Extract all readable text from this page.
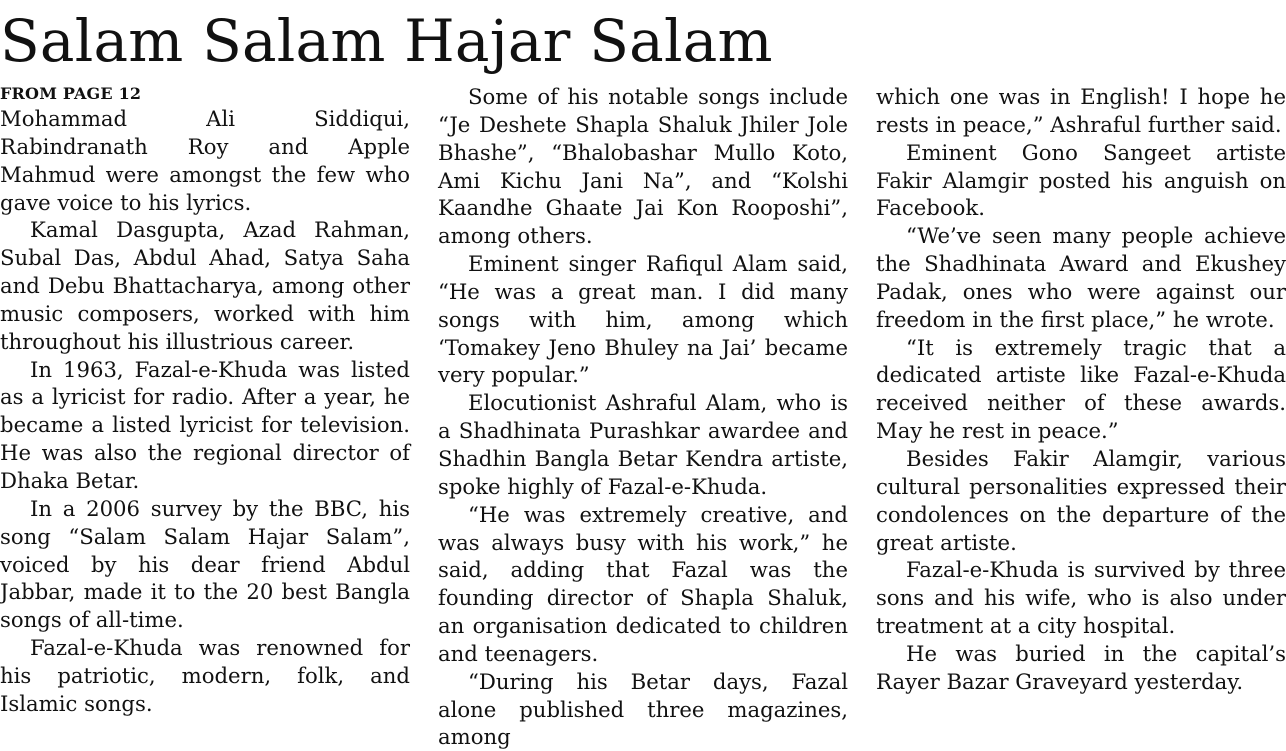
Salam Salam Hajar Salam

FROM PAGE 12

Mohammad Ali Siddiqui, Rabindranath Roy and Apple Mahmud were amongst the few who gave voice to his lyrics.

Kamal Dasgupta, Azad Rahman, Subal Das, Abdul Ahad, Satya Saha and Debu Bhattacharya, among other music composers, worked with him throughout his illustrious career.

In 1963, Fazal-e-Khuda was listed as a lyricist for radio. After a year, he became a listed lyricist for television. He was also the regional director of Dhaka Betar.

In a 2006 survey by the BBC, his song “Salam Salam Hajar Salam”, voiced by his dear friend Abdul Jabbar, made it to the 20 best Bangla songs of all-time.

Fazal-e-Khuda was renowned for his patriotic, modern, folk, and Islamic songs.

Some of his notable songs include “Je Deshete Shapla Shaluk Jhiler Jole Bhashe”, “Bhalobashar Mullo Koto, Ami Kichu Jani Na”, and “Kolshi Kaandhe Ghaate Jai Kon Rooposhi”, among others.

Eminent singer Rafiqul Alam said, “He was a great man. I did many songs with him, among which ‘Tomakey Jeno Bhuley na Jai’ became very popular.”

Elocutionist Ashraful Alam, who is a Shadhinata Purashkar awardee and Shadhin Bangla Betar Kendra artiste, spoke highly of Fazal-e-Khuda.

“He was extremely creative, and was always busy with his work,” he said, adding that Fazal was the founding director of Shapla Shaluk, an organisation dedicated to children and teenagers.

“During his Betar days, Fazal alone published three magazines, among

which one was in English! I hope he rests in peace,” Ashraful further said.

Eminent Gono Sangeet artiste Fakir Alamgir posted his anguish on Facebook.

“We’ve seen many people achieve the Shadhinata Award and Ekushey Padak, ones who were against our freedom in the first place,” he wrote.

“It is extremely tragic that a dedicated artiste like Fazal-e-Khuda received neither of these awards. May he rest in peace.”

Besides Fakir Alamgir, various cultural personalities expressed their condolences on the departure of the great artiste.

Fazal-e-Khuda is survived by three sons and his wife, who is also under treatment at a city hospital.

He was buried in the capital’s Rayer Bazar Graveyard yesterday.
